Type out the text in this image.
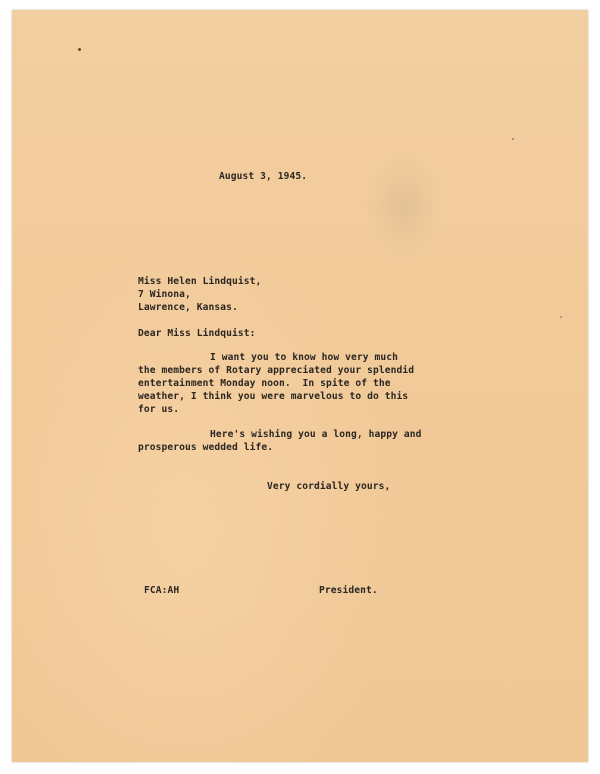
August 3, 1945.
Miss Helen Lindquist,
7 Winona,
Lawrence, Kansas.
Dear Miss Lindquist:
I want you to know how very much
the members of Rotary appreciated your splendid
entertainment Monday noon.  In spite of the
weather, I think you were marvelous to do this
for us.
Here's wishing you a long, happy and
prosperous wedded life.
Very cordially yours,
FCA:AH	President.
